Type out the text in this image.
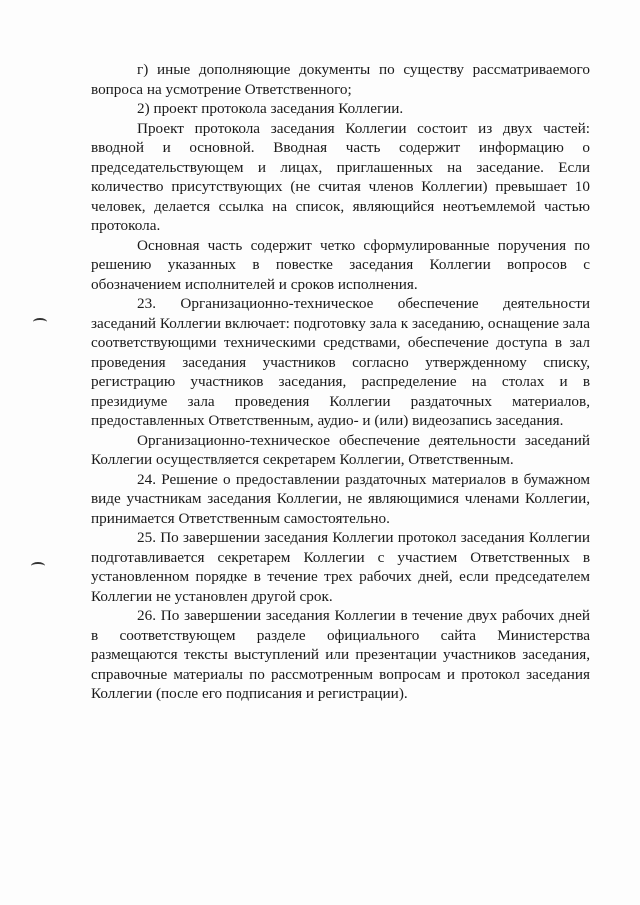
г) иные дополняющие документы по существу рассматриваемого вопроса на усмотрение Ответственного;

2) проект протокола заседания Коллегии.

Проект протокола заседания Коллегии состоит из двух частей: вводной и основной. Вводная часть содержит информацию о председательствующем и лицах, приглашенных на заседание. Если количество присутствующих (не считая членов Коллегии) превышает 10 человек, делается ссылка на список, являющийся неотъемлемой частью протокола.

Основная часть содержит четко сформулированные поручения по решению указанных в повестке заседания Коллегии вопросов с обозначением исполнителей и сроков исполнения.

23. Организационно-техническое обеспечение деятельности заседаний Коллегии включает: подготовку зала к заседанию, оснащение зала соответствующими техническими средствами, обеспечение доступа в зал проведения заседания участников согласно утвержденному списку, регистрацию участников заседания, распределение на столах и в президиуме зала проведения Коллегии раздаточных материалов, предоставленных Ответственным, аудио- и (или) видеозапись заседания.

Организационно-техническое обеспечение деятельности заседаний Коллегии осуществляется секретарем Коллегии, Ответственным.

24. Решение о предоставлении раздаточных материалов в бумажном виде участникам заседания Коллегии, не являющимися членами Коллегии, принимается Ответственным самостоятельно.

25. По завершении заседания Коллегии протокол заседания Коллегии подготавливается секретарем Коллегии с участием Ответственных в установленном порядке в течение трех рабочих дней, если председателем Коллегии не установлен другой срок.

26. По завершении заседания Коллегии в течение двух рабочих дней в соответствующем разделе официального сайта Министерства размещаются тексты выступлений или презентации участников заседания, справочные материалы по рассмотренным вопросам и протокол заседания Коллегии (после его подписания и регистрации).
